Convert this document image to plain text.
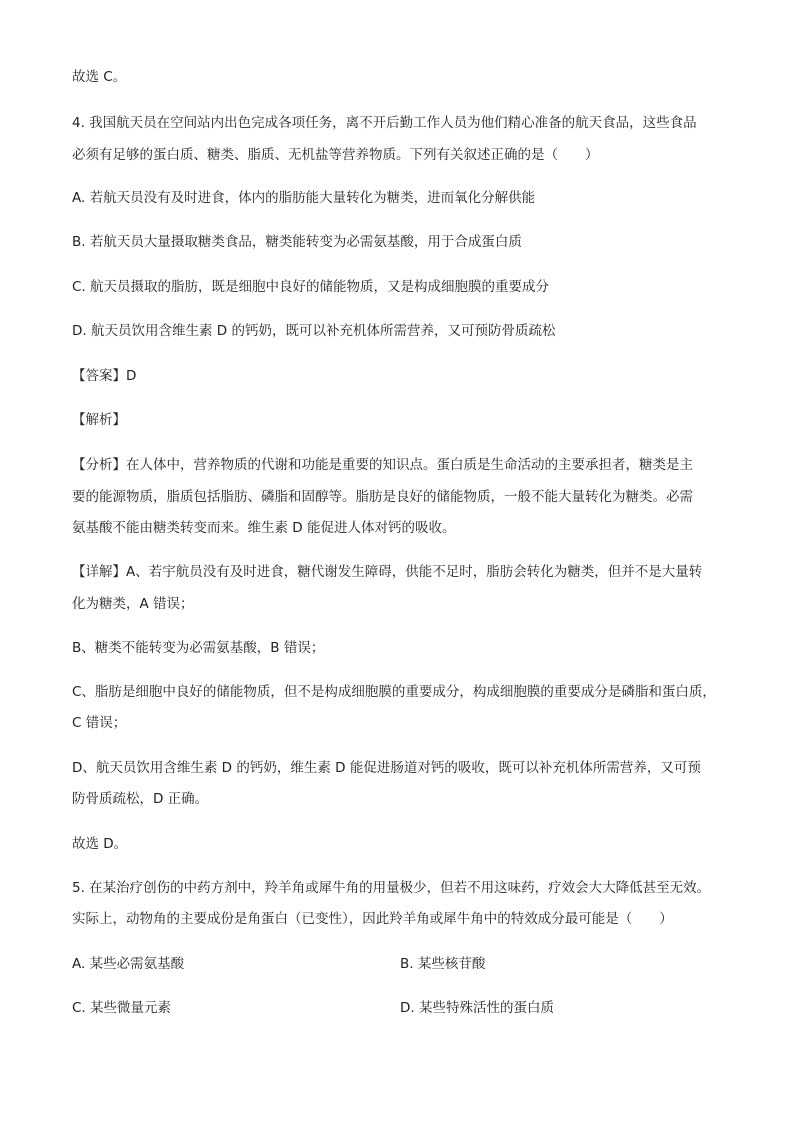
故选 C。
4. 我国航天员在空间站内出色完成各项任务，离不开后勤工作人员为他们精心准备的航天食品，这些食品
必须有足够的蛋白质、糖类、脂质、无机盐等营养物质。下列有关叙述正确的是（　　）
A. 若航天员没有及时进食，体内的脂肪能大量转化为糖类，进而氧化分解供能
B. 若航天员大量摄取糖类食品，糖类能转变为必需氨基酸，用于合成蛋白质
C. 航天员摄取的脂肪，既是细胞中良好的储能物质，又是构成细胞膜的重要成分
D. 航天员饮用含维生素 D 的钙奶，既可以补充机体所需营养，又可预防骨质疏松
【答案】D
【解析】
【分析】在人体中，营养物质的代谢和功能是重要的知识点。蛋白质是生命活动的主要承担者，糖类是主
要的能源物质，脂质包括脂肪、磷脂和固醇等。脂肪是良好的储能物质，一般不能大量转化为糖类。必需
氨基酸不能由糖类转变而来。维生素 D 能促进人体对钙的吸收。
【详解】A、若宇航员没有及时进食，糖代谢发生障碍，供能不足时，脂肪会转化为糖类，但并不是大量转
化为糖类，A 错误；
B、糖类不能转变为必需氨基酸，B 错误；
C、脂肪是细胞中良好的储能物质，但不是构成细胞膜的重要成分，构成细胞膜的重要成分是磷脂和蛋白质，
C 错误；
D、航天员饮用含维生素 D 的钙奶，维生素 D 能促进肠道对钙的吸收，既可以补充机体所需营养，又可预
防骨质疏松，D 正确。
故选 D。
5. 在某治疗创伤的中药方剂中，羚羊角或犀牛角的用量极少，但若不用这味药，疗效会大大降低甚至无效。
实际上，动物角的主要成份是角蛋白（已变性），因此羚羊角或犀牛角中的特效成分最可能是（　　）
A. 某些必需氨基酸	B. 某些核苷酸
C. 某些微量元素	D. 某些特殊活性的蛋白质
